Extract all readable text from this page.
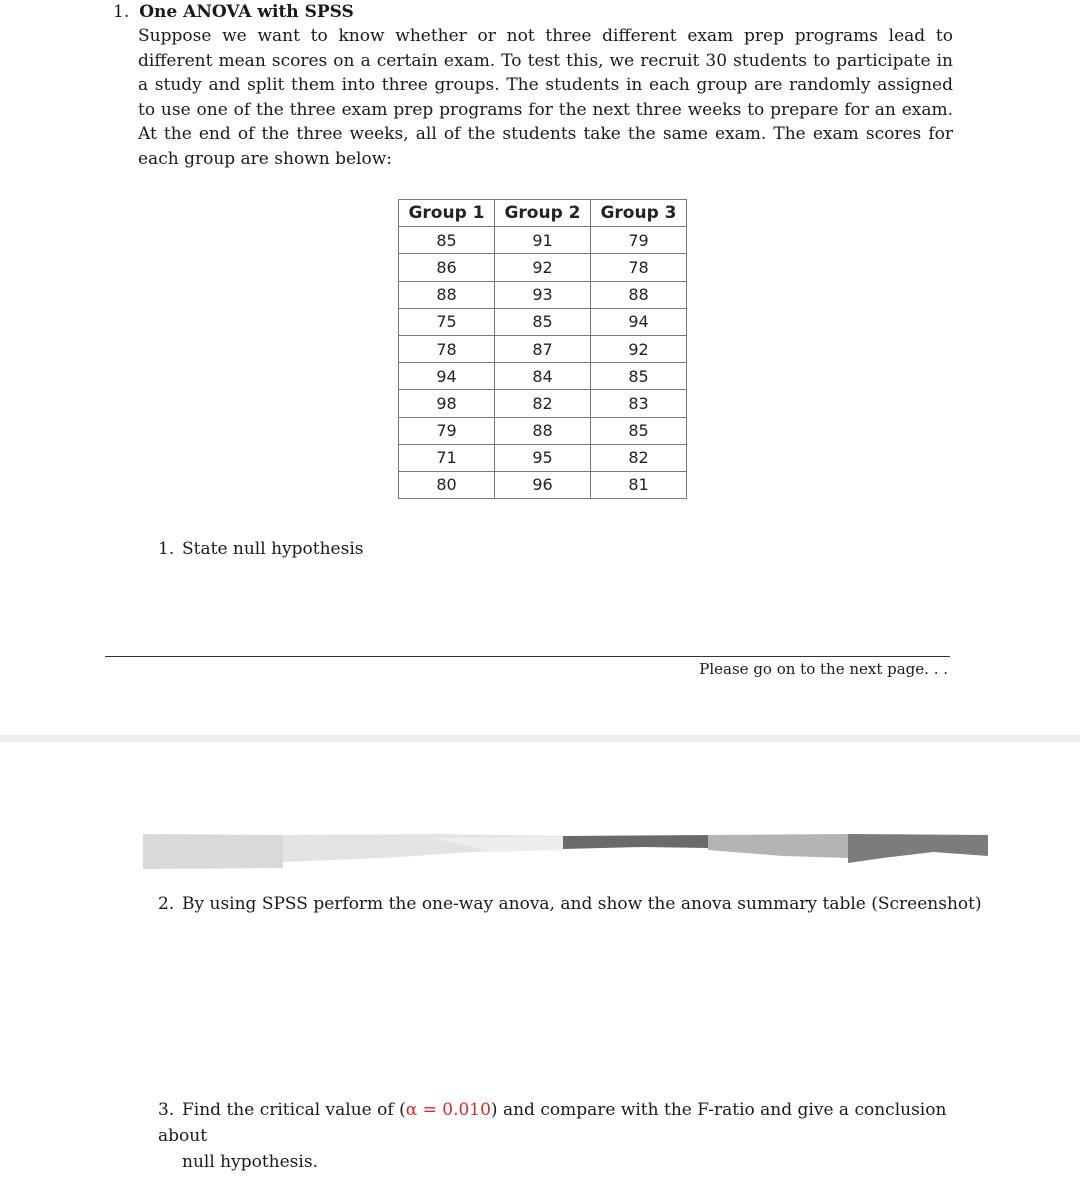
1. One ANOVA with SPSS
Suppose we want to know whether or not three different exam prep programs lead to different mean scores on a certain exam. To test this, we recruit 30 students to participate in a study and split them into three groups. The students in each group are randomly assigned to use one of the three exam prep programs for the next three weeks to prepare for an exam. At the end of the three weeks, all of the students take the same exam. The exam scores for each group are shown below:
Group 1	Group 2	Group 3
85	91	79
86	92	78
88	93	88
75	85	94
78	87	92
94	84	85
98	82	83
79	88	85
71	95	82
80	96	81
1. State null hypothesis
Please go on to the next page. . .
2. By using SPSS perform the one-way anova, and show the anova summary table (Screenshot)
3. Find the critical value of (α = 0.010) and compare with the F-ratio and give a conclusion about
null hypothesis.
